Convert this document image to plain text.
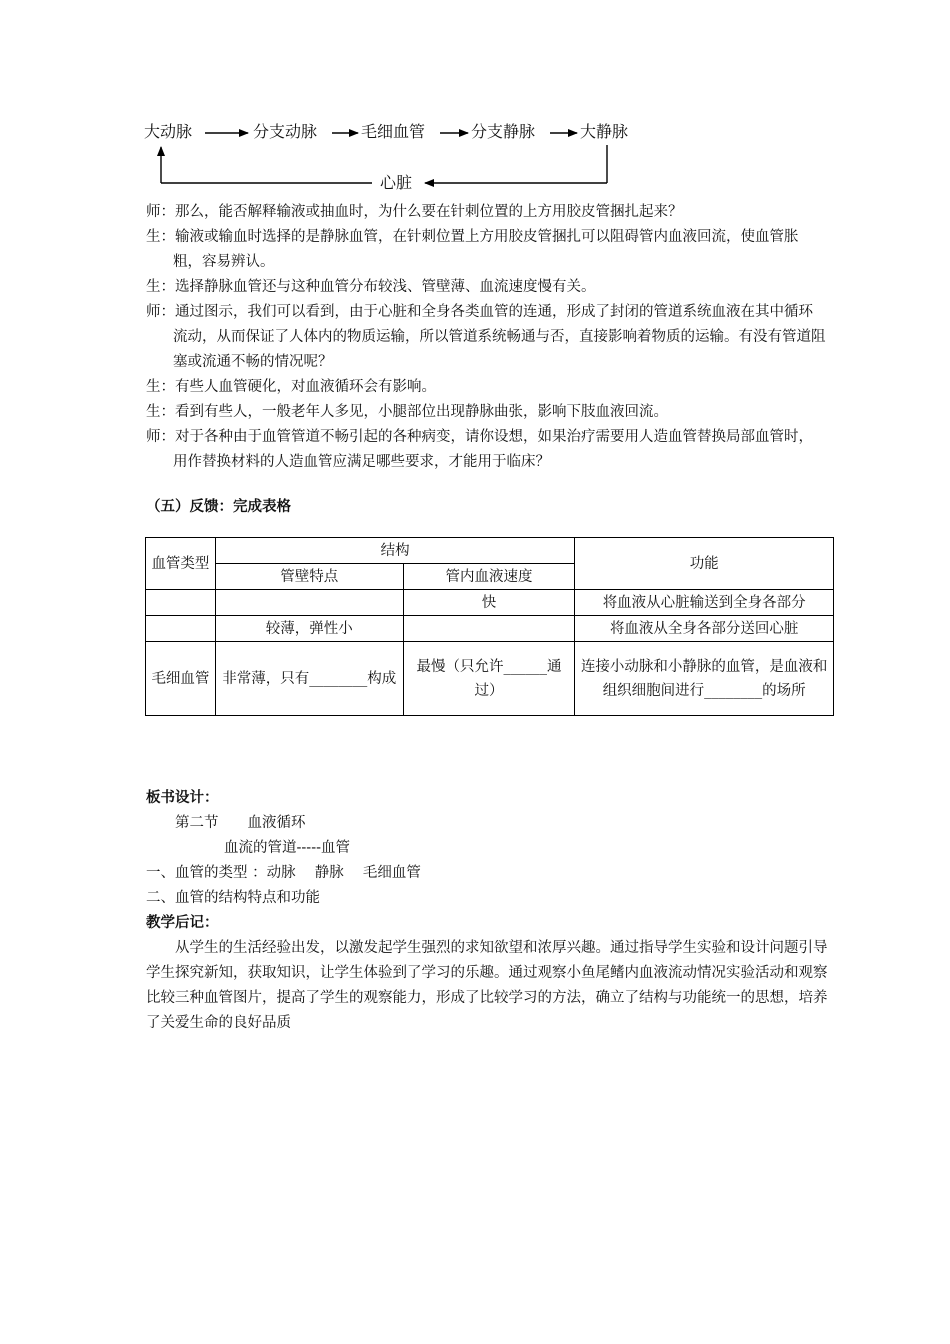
大动脉	分支动脉	毛细血管	分支静脉	大静脉
心脏

师：那么，能否解释输液或抽血时，为什么要在针刺位置的上方用胶皮管捆扎起来？

生：输液或输血时选择的是静脉血管，在针刺位置上方用胶皮管捆扎可以阻碍管内血液回流，使血管胀粗，容易辨认。

生：选择静脉血管还与这种血管分布较浅、管壁薄、血流速度慢有关。

师：通过图示，我们可以看到，由于心脏和全身各类血管的连通，形成了封闭的管道系统血液在其中循环流动，从而保证了人体内的物质运输，所以管道系统畅通与否，直接影响着物质的运输。有没有管道阻塞或流通不畅的情况呢？

生：有些人血管硬化，对血液循环会有影响。

生：看到有些人，一般老年人多见，小腿部位出现静脉曲张，影响下肢血液回流。

师：对于各种由于血管管道不畅引起的各种病变，请你设想，如果治疗需要用人造血管替换局部血管时，用作替换材料的人造血管应满足哪些要求，才能用于临床？

（五）反馈：完成表格
血管类型	结构		功能
	管壁特点	管内血液速度	
		快	将血液从心脏输送到全身各部分
	较薄，弹性小		将血液从全身各部分送回心脏
毛细血管	非常薄，只有________构成	最慢（只允许______通过）	连接小动脉和小静脉的血管，是血液和组织细胞间进行________的场所

板书设计：

第二节　　血液循环

血流的管道-----血管

一、血管的类型 ：动脉　 静脉　 毛细血管

二、血管的结构特点和功能

教学后记：

从学生的生活经验出发，以激发起学生强烈的求知欲望和浓厚兴趣。通过指导学生实验和设计问题引导学生探究新知，获取知识，让学生体验到了学习的乐趣。通过观察小鱼尾鳍内血液流动情况实验活动和观察比较三种血管图片，提高了学生的观察能力，形成了比较学习的方法，确立了结构与功能统一的思想，培养了关爱生命的良好品质
